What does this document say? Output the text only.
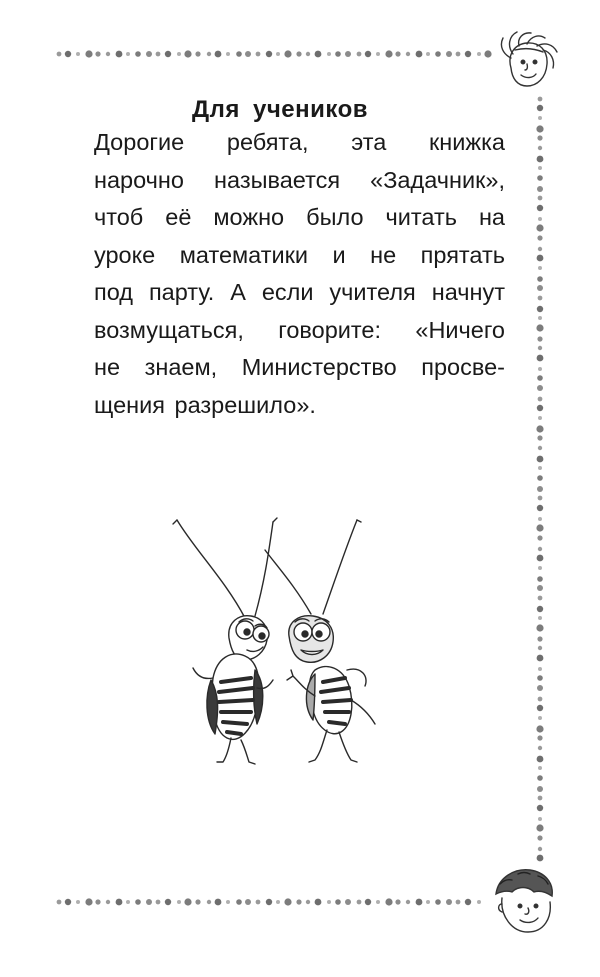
Для учеников
Дорогие ребята, эта книжка
нарочно называется «Задачник»,
чтоб её можно было читать на
уроке математики и не прятать
под парту. А если учителя начнут
возмущаться, говорите: «Ничего
не знаем, Министерство просве-
щения разрешило».
